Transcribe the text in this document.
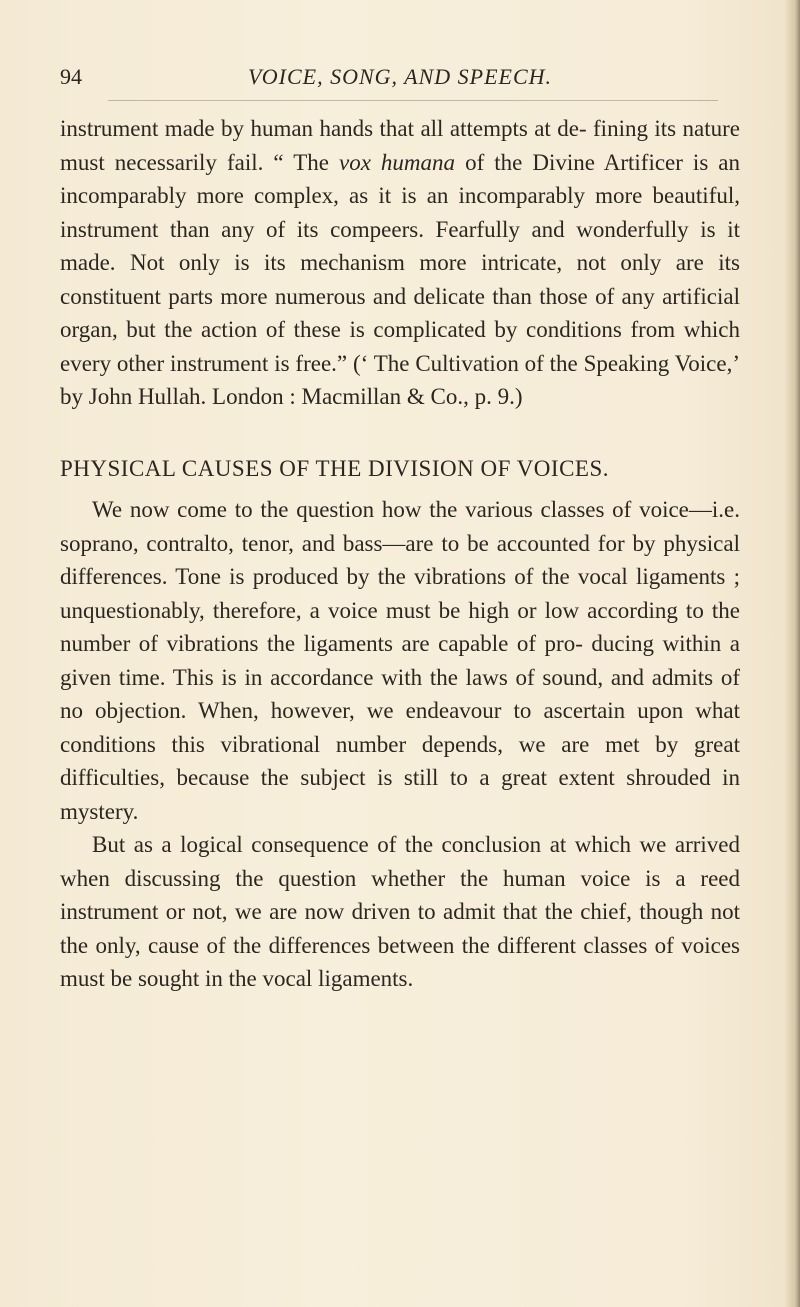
94	VOICE, SONG, AND SPEECH.

instrument made by human hands that all attempts at de- fining its nature must necessarily fail. “ The vox humana of the Divine Artificer is an incomparably more complex, as it is an incomparably more beautiful, instrument than any of its compeers. Fearfully and wonderfully is it made. Not only is its mechanism more intricate, not only are its constituent parts more numerous and delicate than those of any artificial organ, but the action of these is complicated by conditions from which every other instrument is free.” (‘ The Cultivation of the Speaking Voice,’ by John Hullah. London : Macmillan & Co., p. 9.)

PHYSICAL CAUSES OF THE DIVISION OF VOICES.

We now come to the question how the various classes of voice—i.e. soprano, contralto, tenor, and bass—are to be accounted for by physical differences. Tone is produced by the vibrations of the vocal ligaments ; unquestionably, therefore, a voice must be high or low according to the number of vibrations the ligaments are capable of pro- ducing within a given time. This is in accordance with the laws of sound, and admits of no objection. When, however, we endeavour to ascertain upon what conditions this vibrational number depends, we are met by great difficulties, because the subject is still to a great extent shrouded in mystery.

But as a logical consequence of the conclusion at which we arrived when discussing the question whether the human voice is a reed instrument or not, we are now driven to admit that the chief, though not the only, cause of the differences between the different classes of voices must be sought in the vocal ligaments.
